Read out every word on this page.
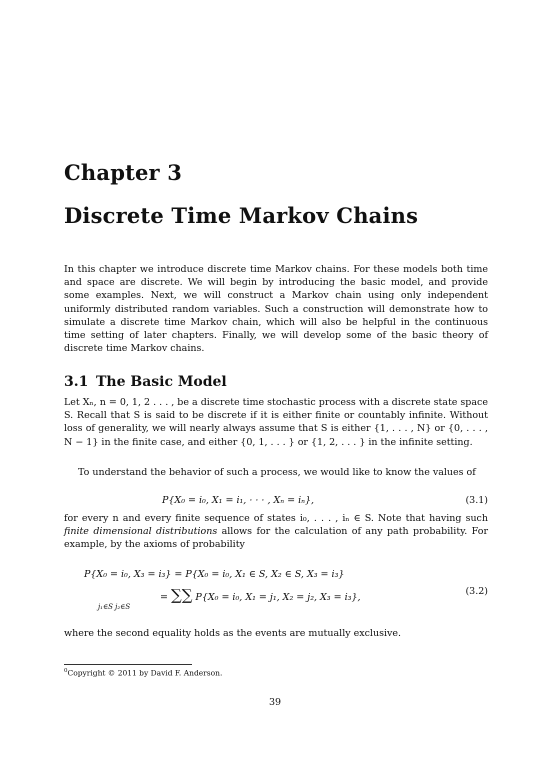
Chapter 3
Discrete Time Markov Chains
In this chapter we introduce discrete time Markov chains. For these models both time and space are discrete. We will begin by introducing the basic model, and provide some examples. Next, we will construct a Markov chain using only independent uniformly distributed random variables. Such a construction will demonstrate how to simulate a discrete time Markov chain, which will also be helpful in the continuous time setting of later chapters. Finally, we will develop some of the basic theory of discrete time Markov chains.
3.1 The Basic Model
Let Xₙ, n = 0, 1, 2 . . . , be a discrete time stochastic process with a discrete state space S. Recall that S is said to be discrete if it is either finite or countably infinite. Without loss of generality, we will nearly always assume that S is either {1, . . . , N} or {0, . . . , N − 1} in the finite case, and either {0, 1, . . . } or {1, 2, . . . } in the infinite setting.
To understand the behavior of such a process, we would like to know the values of
P{X₀ = i₀, X₁ = i₁, · · · , Xₙ = iₙ},	(3.1)
for every n and every finite sequence of states i₀, . . . , iₙ ∈ S. Note that having such finite dimensional distributions allows for the calculation of any path probability. For example, by the axioms of probability
P{X₀ = i₀, X₃ = i₃} = P{X₀ = i₀, X₁ ∈ S, X₂ ∈ S, X₃ = i₃}
= ∑∑ P{X₀ = i₀, X₁ = j₁, X₂ = j₂, X₃ = i₃},
(3.2)
j₁∈S j₂∈S
where the second equality holds as the events are mutually exclusive.
$^0$Copyright © 2011 by David F. Anderson.
39
